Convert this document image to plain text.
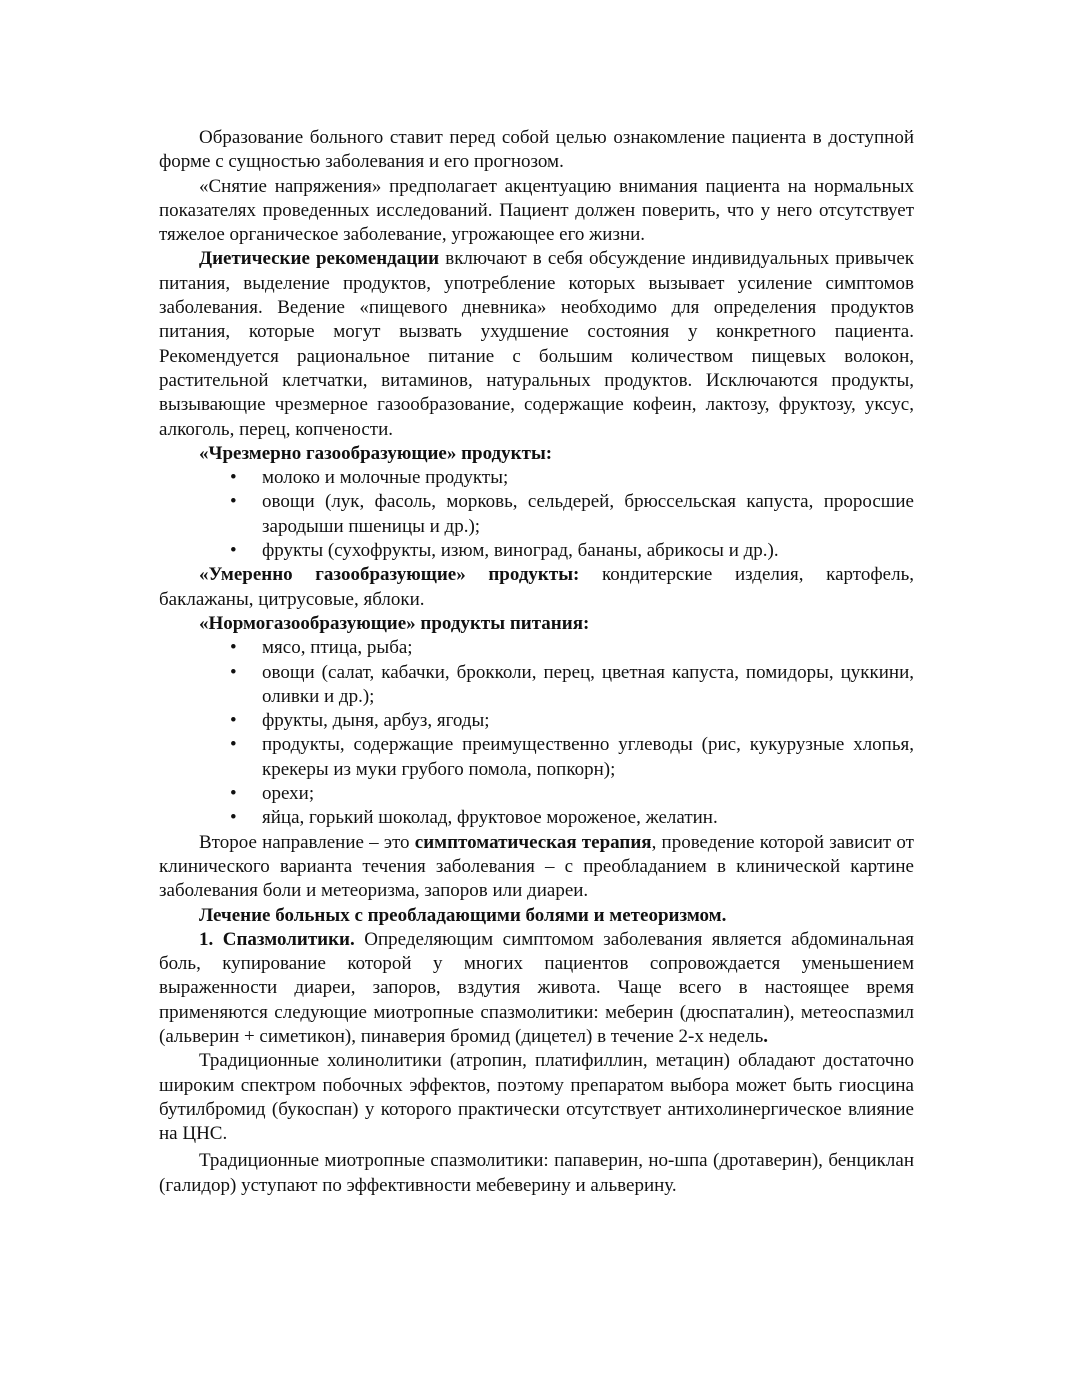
Образование больного ставит перед собой целью ознакомление пациента в доступной форме с сущностью заболевания и его прогнозом.

«Снятие напряжения» предполагает акцентуацию внимания пациента на нормальных показателях проведенных исследований. Пациент должен поверить, что у него отсутствует тяжелое органическое заболевание, угрожающее его жизни.

Диетические рекомендации включают в себя обсуждение индивидуальных привычек питания, выделение продуктов, употребление которых вызывает усиление симптомов заболевания. Ведение «пищевого дневника» необходимо для определения продуктов питания, которые могут вызвать ухудшение состояния у конкретного пациента. Рекомендуется рациональное питание с большим количеством пищевых волокон, растительной клетчатки, витаминов, натуральных продуктов. Исключаются продукты, вызывающие чрезмерное газообразование, содержащие кофеин, лактозу, фруктозу, уксус, алкоголь, перец, копчености.

«Чрезмерно газообразующие» продукты:

• молоко и молочные продукты;
• овощи (лук, фасоль, морковь, сельдерей, брюссельская капуста, проросшие зародыши пшеницы и др.);
• фрукты (сухофрукты, изюм, виноград, бананы, абрикосы и др.).

«Умеренно газообразующие» продукты: кондитерские изделия, картофель, баклажаны, цитрусовые, яблоки.

«Нормогазообразующие» продукты питания:

• мясо, птица, рыба;
• овощи (салат, кабачки, брокколи, перец, цветная капуста, помидоры, цуккини, оливки и др.);
• фрукты, дыня, арбуз, ягоды;
• продукты, содержащие преимущественно углеводы (рис, кукурузные хлопья, крекеры из муки грубого помола, попкорн);
• орехи;
• яйца, горький шоколад, фруктовое мороженое, желатин.

Второе направление – это симптоматическая терапия, проведение которой зависит от клинического варианта течения заболевания – с преобладанием в клинической картине заболевания боли и метеоризма, запоров или диареи.

Лечение больных с преобладающими болями и метеоризмом.

1. Спазмолитики. Определяющим симптомом заболевания является абдоминальная боль, купирование которой у многих пациентов сопровождается уменьшением выраженности диареи, запоров, вздутия живота. Чаще всего в настоящее время применяются следующие миотропные спазмолитики: меберин (дюспаталин), метеоспазмил (альверин + симетикон), пинаверия бромид (дицетел) в течение 2-х недель.

Традиционные холинолитики (атропин, платифиллин, метацин) обладают достаточно широким спектром побочных эффектов, поэтому препаратом выбора может быть гиосцина бутилбромид (букоспан) у которого практически отсутствует антихолинергическое влияние на ЦНС.

Традиционные миотропные спазмолитики: папаверин, но-шпа (дротаверин), бенциклан (галидор) уступают по эффективности мебеверину и альверину.
